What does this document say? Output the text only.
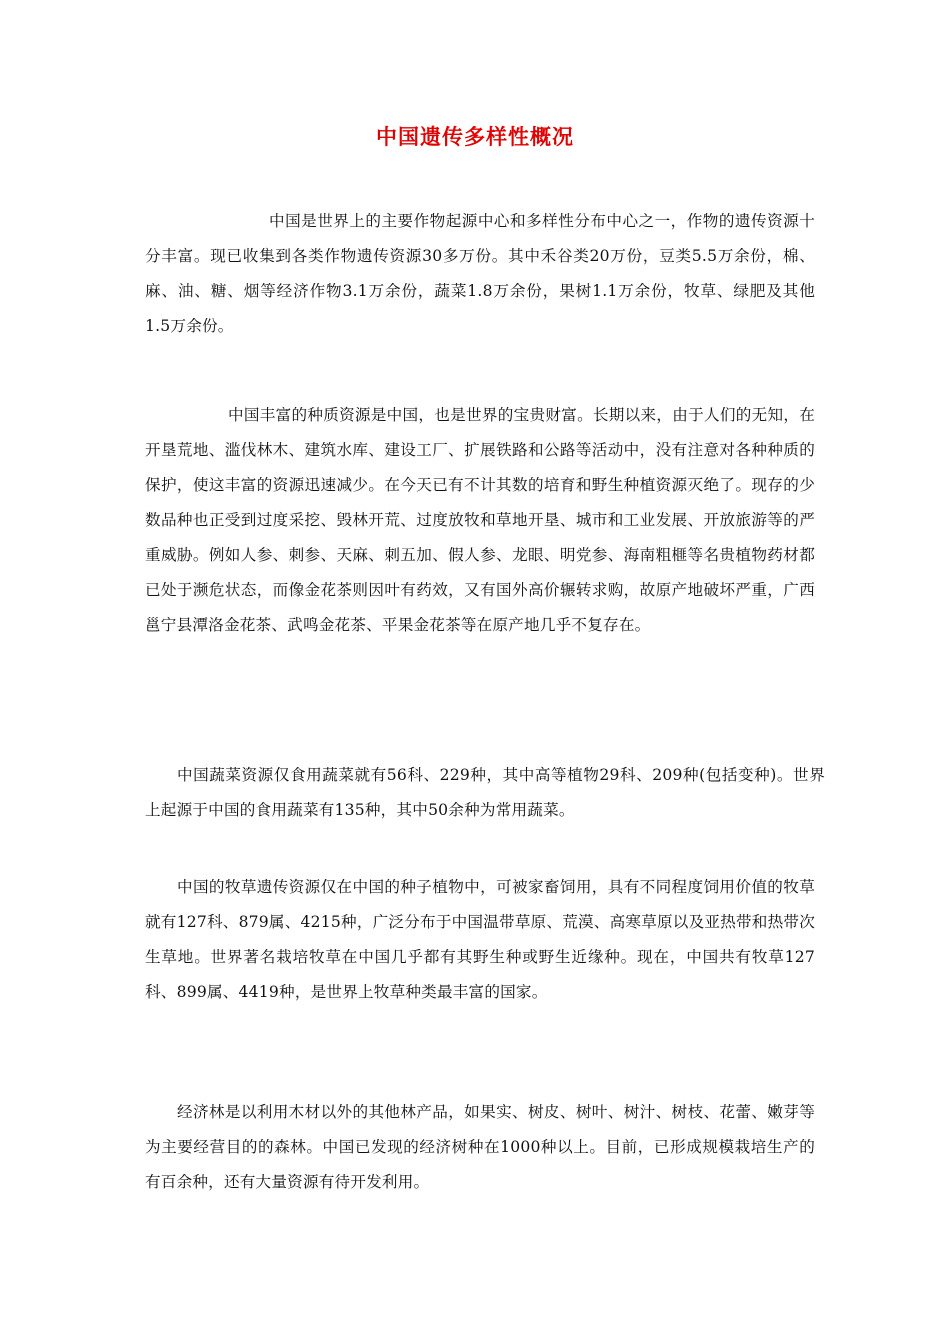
中国遗传多样性概况

中国是世界上的主要作物起源中心和多样性分布中心之一，作物的遗传资源十分丰富。现已收集到各类作物遗传资源30多万份。其中禾谷类20万份，豆类5.5万余份，棉、麻、油、糖、烟等经济作物3.1万余份，蔬菜1.8万余份，果树1.1万余份，牧草、绿肥及其他1.5万余份。

中国丰富的种质资源是中国，也是世界的宝贵财富。长期以来，由于人们的无知，在开垦荒地、滥伐林木、建筑水库、建设工厂、扩展铁路和公路等活动中，没有注意对各种种质的保护，使这丰富的资源迅速减少。在今天已有不计其数的培育和野生种植资源灭绝了。现存的少数品种也正受到过度采挖、毁林开荒、过度放牧和草地开垦、城市和工业发展、开放旅游等的严重威胁。例如人参、刺参、天麻、刺五加、假人参、龙眼、明党参、海南粗榧等名贵植物药材都已处于濒危状态，而像金花茶则因叶有药效，又有国外高价辗转求购，故原产地破坏严重，广西邕宁县潭洛金花茶、武鸣金花茶、平果金花茶等在原产地几乎不复存在。

中国蔬菜资源仅食用蔬菜就有56科、229种，其中高等植物29科、209种(包括变种)。世界上起源于中国的食用蔬菜有135种，其中50余种为常用蔬菜。

中国的牧草遗传资源仅在中国的种子植物中，可被家畜饲用，具有不同程度饲用价值的牧草就有127科、879属、4215种，广泛分布于中国温带草原、荒漠、高寒草原以及亚热带和热带次生草地。世界著名栽培牧草在中国几乎都有其野生种或野生近缘种。现在，中国共有牧草127科、899属、4419种，是世界上牧草种类最丰富的国家。

经济林是以利用木材以外的其他林产品，如果实、树皮、树叶、树汁、树枝、花蕾、嫩芽等为主要经营目的的森林。中国已发现的经济树种在1000种以上。目前，已形成规模栽培生产的有百余种，还有大量资源有待开发利用。
